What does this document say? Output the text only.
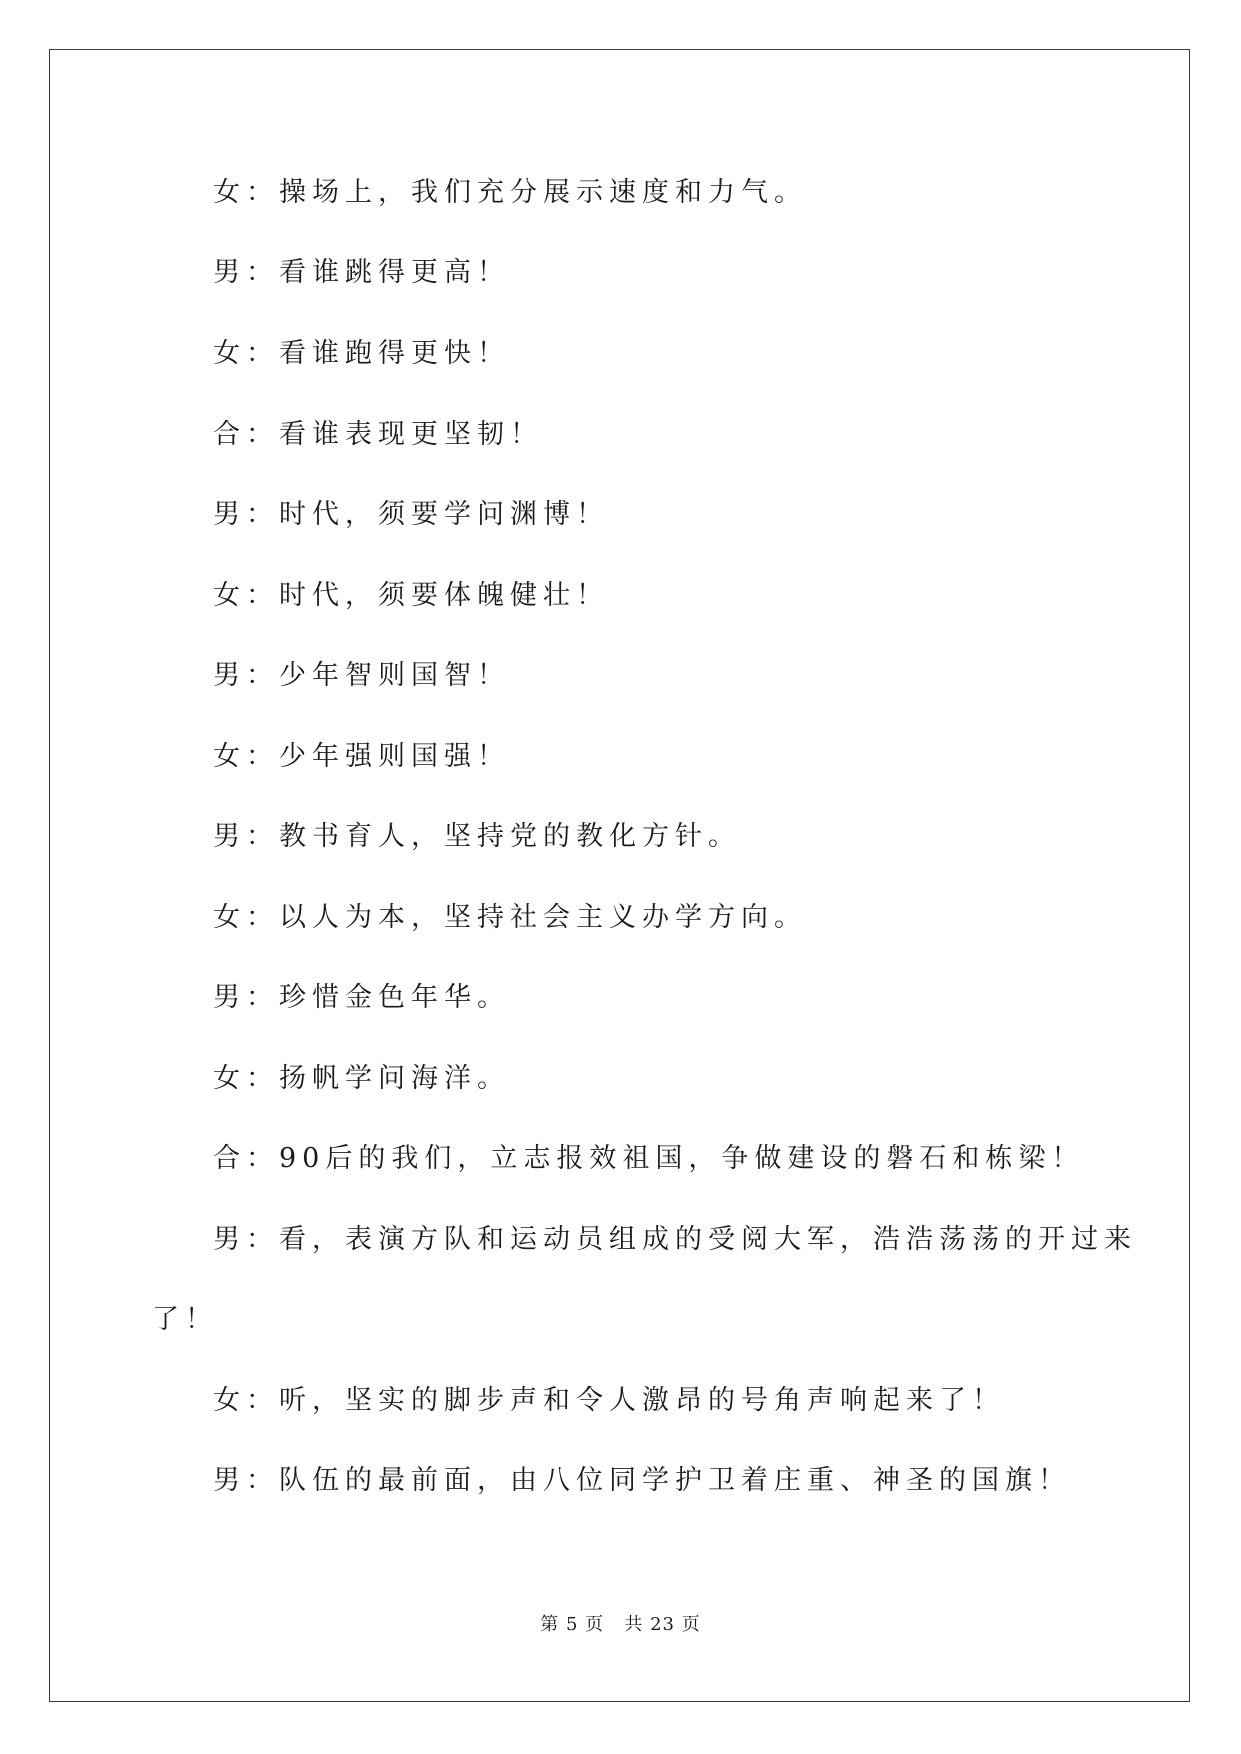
女：操场上，我们充分展示速度和力气。
男：看谁跳得更高！
女：看谁跑得更快！
合：看谁表现更坚韧！
男：时代，须要学问渊博！
女：时代，须要体魄健壮！
男：少年智则国智！
女：少年强则国强！
男：教书育人，坚持党的教化方针。
女：以人为本，坚持社会主义办学方向。
男：珍惜金色年华。
女：扬帆学问海洋。
合：90后的我们，立志报效祖国，争做建设的磐石和栋梁！
男：看，表演方队和运动员组成的受阅大军，浩浩荡荡的开过来
了！
女：听，坚实的脚步声和令人激昂的号角声响起来了！
男：队伍的最前面，由八位同学护卫着庄重、神圣的国旗！
第 5 页   共 23 页
